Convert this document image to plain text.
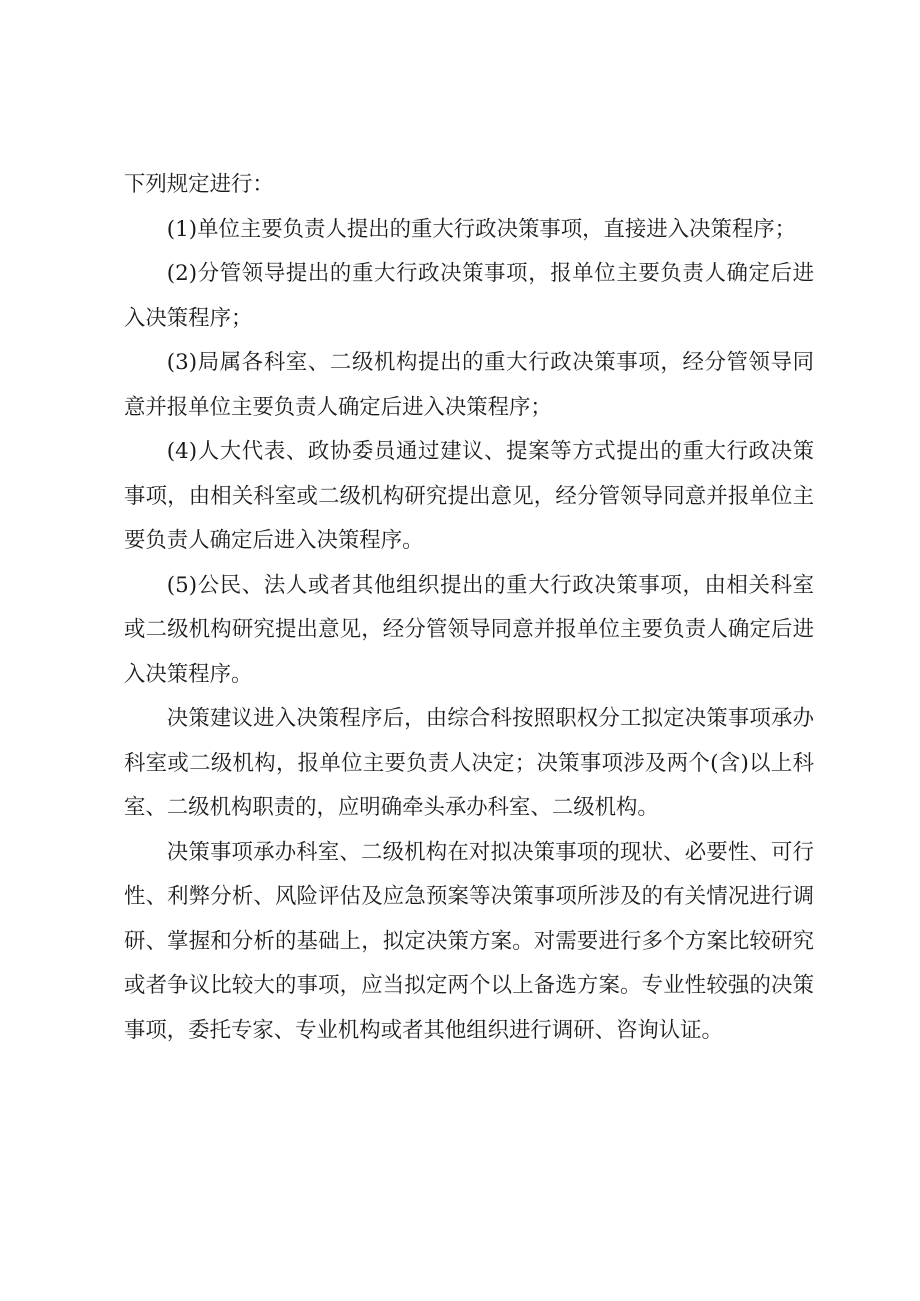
下列规定进行：

(1)单位主要负责人提出的重大行政决策事项，直接进入决策程序；

(2)分管领导提出的重大行政决策事项，报单位主要负责人确定后进入决策程序；

(3)局属各科室、二级机构提出的重大行政决策事项，经分管领导同意并报单位主要负责人确定后进入决策程序；

(4)人大代表、政协委员通过建议、提案等方式提出的重大行政决策事项，由相关科室或二级机构研究提出意见，经分管领导同意并报单位主要负责人确定后进入决策程序。

(5)公民、法人或者其他组织提出的重大行政决策事项，由相关科室或二级机构研究提出意见，经分管领导同意并报单位主要负责人确定后进入决策程序。

决策建议进入决策程序后，由综合科按照职权分工拟定决策事项承办科室或二级机构，报单位主要负责人决定；决策事项涉及两个(含)以上科室、二级机构职责的，应明确牵头承办科室、二级机构。

决策事项承办科室、二级机构在对拟决策事项的现状、必要性、可行性、利弊分析、风险评估及应急预案等决策事项所涉及的有关情况进行调研、掌握和分析的基础上，拟定决策方案。对需要进行多个方案比较研究或者争议比较大的事项，应当拟定两个以上备选方案。专业性较强的决策事项，委托专家、专业机构或者其他组织进行调研、咨询认证。
